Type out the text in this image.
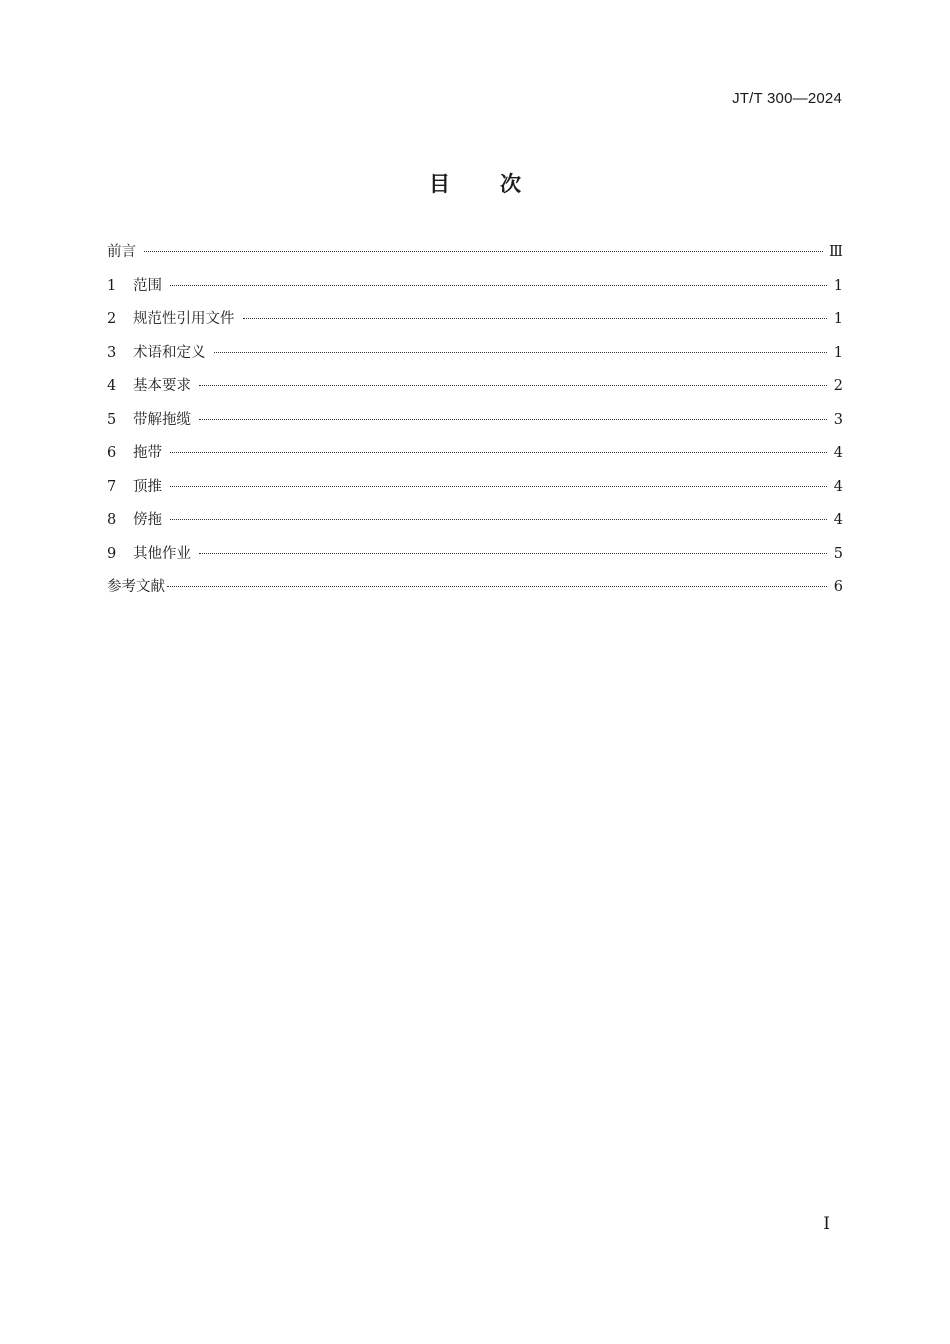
JT/T 300—2024
目次
前言	Ⅲ
1	范围	1
2	规范性引用文件	1
3	术语和定义	1
4	基本要求	2
5	带解拖缆	3
6	拖带	4
7	顶推	4
8	傍拖	4
9	其他作业	5
参考文献	6
I
